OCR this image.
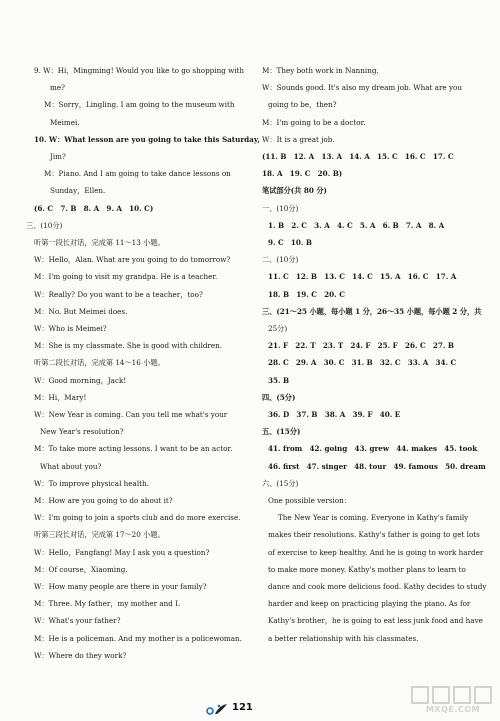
9. W：Hi，Mingming! Would you like to go shopping with
me?
M：Sorry，Lingling. I am going to the museum with
Meimei.
10. W：What lesson are you going to take this Saturday,
Jim?
M：Piano. And I am going to take dance lessons on
Sunday，Ellen.
(6. C　7. B　8. A　9. A　10. C)
三、(10分)
听第一段长对话，完成第 11～13 小题。
W：Hello，Alan. What are you going to do tomorrow?
M：I'm going to visit my grandpa. He is a teacher.
W：Really? Do you want to be a teacher，too?
M：No. But Meimei does.
W：Who is Meimei?
M：She is my classmate. She is good with children.
听第二段长对话，完成第 14～16 小题。
W：Good morning，Jack!
M：Hi，Mary!
W：New Year is coming. Can you tell me what's your
New Year's resolution?
M：To take more acting lessons. I want to be an actor.
What about you?
W：To improve physical health.
M：How are you going to do about it?
W：I'm going to join a sports club and do more exercise.
听第三段长对话，完成第 17～20 小题。
W：Hello，Fangfang! May I ask you a question?
M：Of course，Xiaoming.
W：How many people are there in your family?
M：Three. My father，my mother and I.
W：What's your father?
M：He is a policeman. And my mother is a policewoman.
W：Where do they work?
M：They both work in Nanning.
W：Sounds good. It's also my dream job. What are you
going to be，then?
M：I'm going to be a doctor.
W：It is a great job.
(11. B　12. A　13. A　14. A　15. C　16. C　17. C
18. A　19. C　20. B)
笔试部分(共 80 分)
一、(10分)
1. B　2. C　3. A　4. C　5. A　6. B　7. A　8. A
9. C　10. B
二、(10分)
11. C　12. B　13. C　14. C　15. A　16. C　17. A
18. B　19. C　20. C
三、(21～25 小题，每小题 1 分，26～35 小题，每小题 2 分，共
25分)
21. F　22. T　23. T　24. F　25. F　26. C　27. B
28. C　29. A　30. C　31. B　32. C　33. A　34. C
35. B
四、(5分)
36. D　37. B　38. A　39. F　40. E
五、(15分)
41. from　42. going　43. grew　44. makes　45. took
46. first　47. singer　48. tour　49. famous　50. dream
六、(15分)
One possible version：
The New Year is coming. Everyone in Kathy's family
makes their resolutions. Kathy's father is going to get lots
of exercise to keep healthy. And he is going to work harder
to make more money. Kathy's mother plans to learn to
dance and cook more delicious food. Kathy decides to study
harder and keep on practicing playing the piano. As for
Kathy's brother，he is going to eat less junk food and have
a better relationship with his classmates.
121	MXQE.COM
